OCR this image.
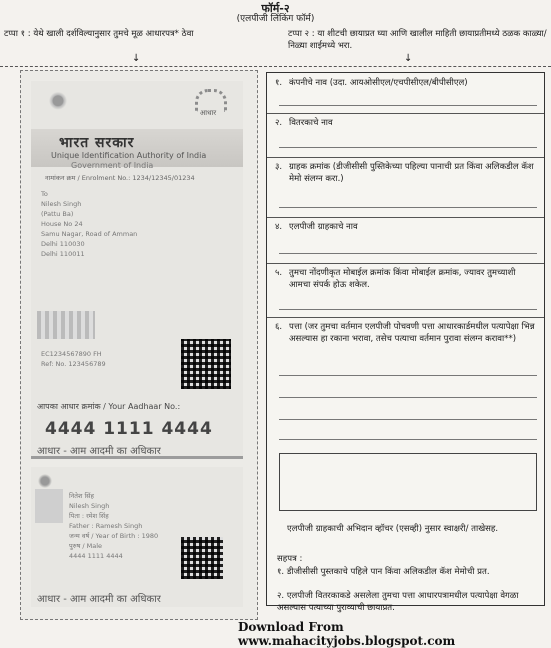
फॉर्म-२
(एलपीजी लिंकिंग फॉर्म)
टप्पा १ : येथे खाली दर्शविल्यानुसार तुमचे मूळ आधारपत्र* ठेवा	टप्पा २ : या शीटची छायाप्रत घ्या आणि खालील माहिती छायाप्रतीमध्ये ठळक काळ्या/निळ्या शाईमध्ये भरा.
↓	↓
आधार
भारत सरकार
Unique Identification Authority of India
Government of India
नामांकन क्रम / Enrolment No.: 1234/12345/01234
To
Nilesh Singh
(Pattu Ba)
House No 24
Samu Nagar, Road of Amman
Delhi 110030
Delhi 110011
EC1234567890 FH
Ref: No. 123456789
आपका आधार क्रमांक / Your Aadhaar No.:
4444 1111 4444
आधार - आम आदमी का अधिकार
नितेश सिंह
Nilesh Singh
पिता : रमेश सिंह
Father : Ramesh Singh
जन्म वर्ष / Year of Birth : 1980
पुरुष / Male
4444 1111 4444
आधार - आम आदमी का अधिकार
१. कंपनीचे नाव (उदा. आयओसीएल/एचपीसीएल/बीपीसीएल)
२. वितरकाचे नाव
३. ग्राहक क्रमांक (डीजीसीसी पुस्तिकेच्या पहिल्या पानाची प्रत किंवा अलिकडील कॅश मेमो संलग्न करा.)
४. एलपीजी ग्राहकाचे नाव
५. तुमचा नोंदणीकृत मोबाईल क्रमांक किंवा मोबाईल क्रमांक, ज्यावर तुमच्याशी आमचा संपर्क होऊ शकेल.
६. पत्ता (जर तुमचा वर्तमान एलपीजी पोचवणी पत्ता आधारकार्डमधील पत्यापेक्षा भिन्न असल्यास हा रकाना भरावा, तसेच पत्याचा वर्तमान पुरावा संलग्न करावा**)
एलपीजी ग्राहकाची अभिदान व्हॉचर (एसव्ही) नुसार स्वाक्षरी/ ताखेसह.
सहपत्र :
१. डीजीसीसी पुस्तकाचे पहिले पान किंवा अलिकडील कॅश मेमोची प्रत.
२. एलपीजी वितरकाकडे असलेला तुमचा पत्ता आधारपत्रामधील पत्यापेक्षा वेगळा असल्यास पत्याच्या पुराव्याची छायाप्रत.
Download From www.mahacityjobs.blogspot.com
